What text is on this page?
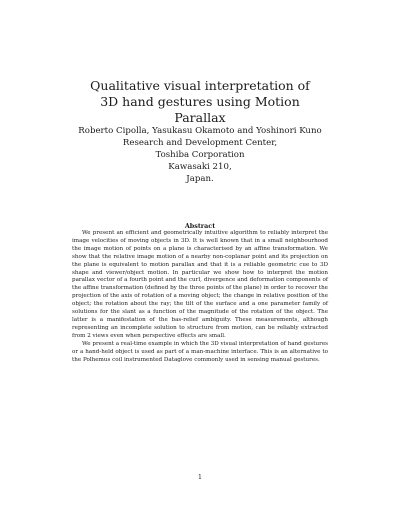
Qualitative visual interpretation of 3D hand gestures using Motion Parallax
Roberto Cipolla, Yasukasu Okamoto and Yoshinori Kuno
Research and Development Center,
Toshiba Corporation
Kawasaki 210,
Japan.
Abstract

We present an efficient and geometrically intuitive algorithm to reliably interpret the image velocities of moving objects in 3D. It is well known that in a small neighbourhood the image motion of points on a plane is characterised by an affine transformation. We show that the relative image motion of a nearby non-coplanar point and its projection on the plane is equivalent to motion parallax and that it is a reliable geometric cue to 3D shape and viewer/object motion. In particular we show how to interpret the motion parallax vector of a fourth point and the curl, divergence and deformation components of the affine transformation (defined by the three points of the plane) in order to recover the projection of the axis of rotation of a moving object; the change in relative position of the object; the rotation about the ray; the tilt of the surface and a one parameter family of solutions for the slant as a function of the magnitude of the rotation of the object. The latter is a manifestation of the bas-relief ambiguity. These measurements, although representing an incomplete solution to structure from motion, can be reliably extracted from 2 views even when perspective effects are small.

We present a real-time example in which the 3D visual interpretation of hand gestures or a hand-held object is used as part of a man-machine interface. This is an alternative to the Polhemus coil instrumented Dataglove commonly used in sensing manual gestures.

1
